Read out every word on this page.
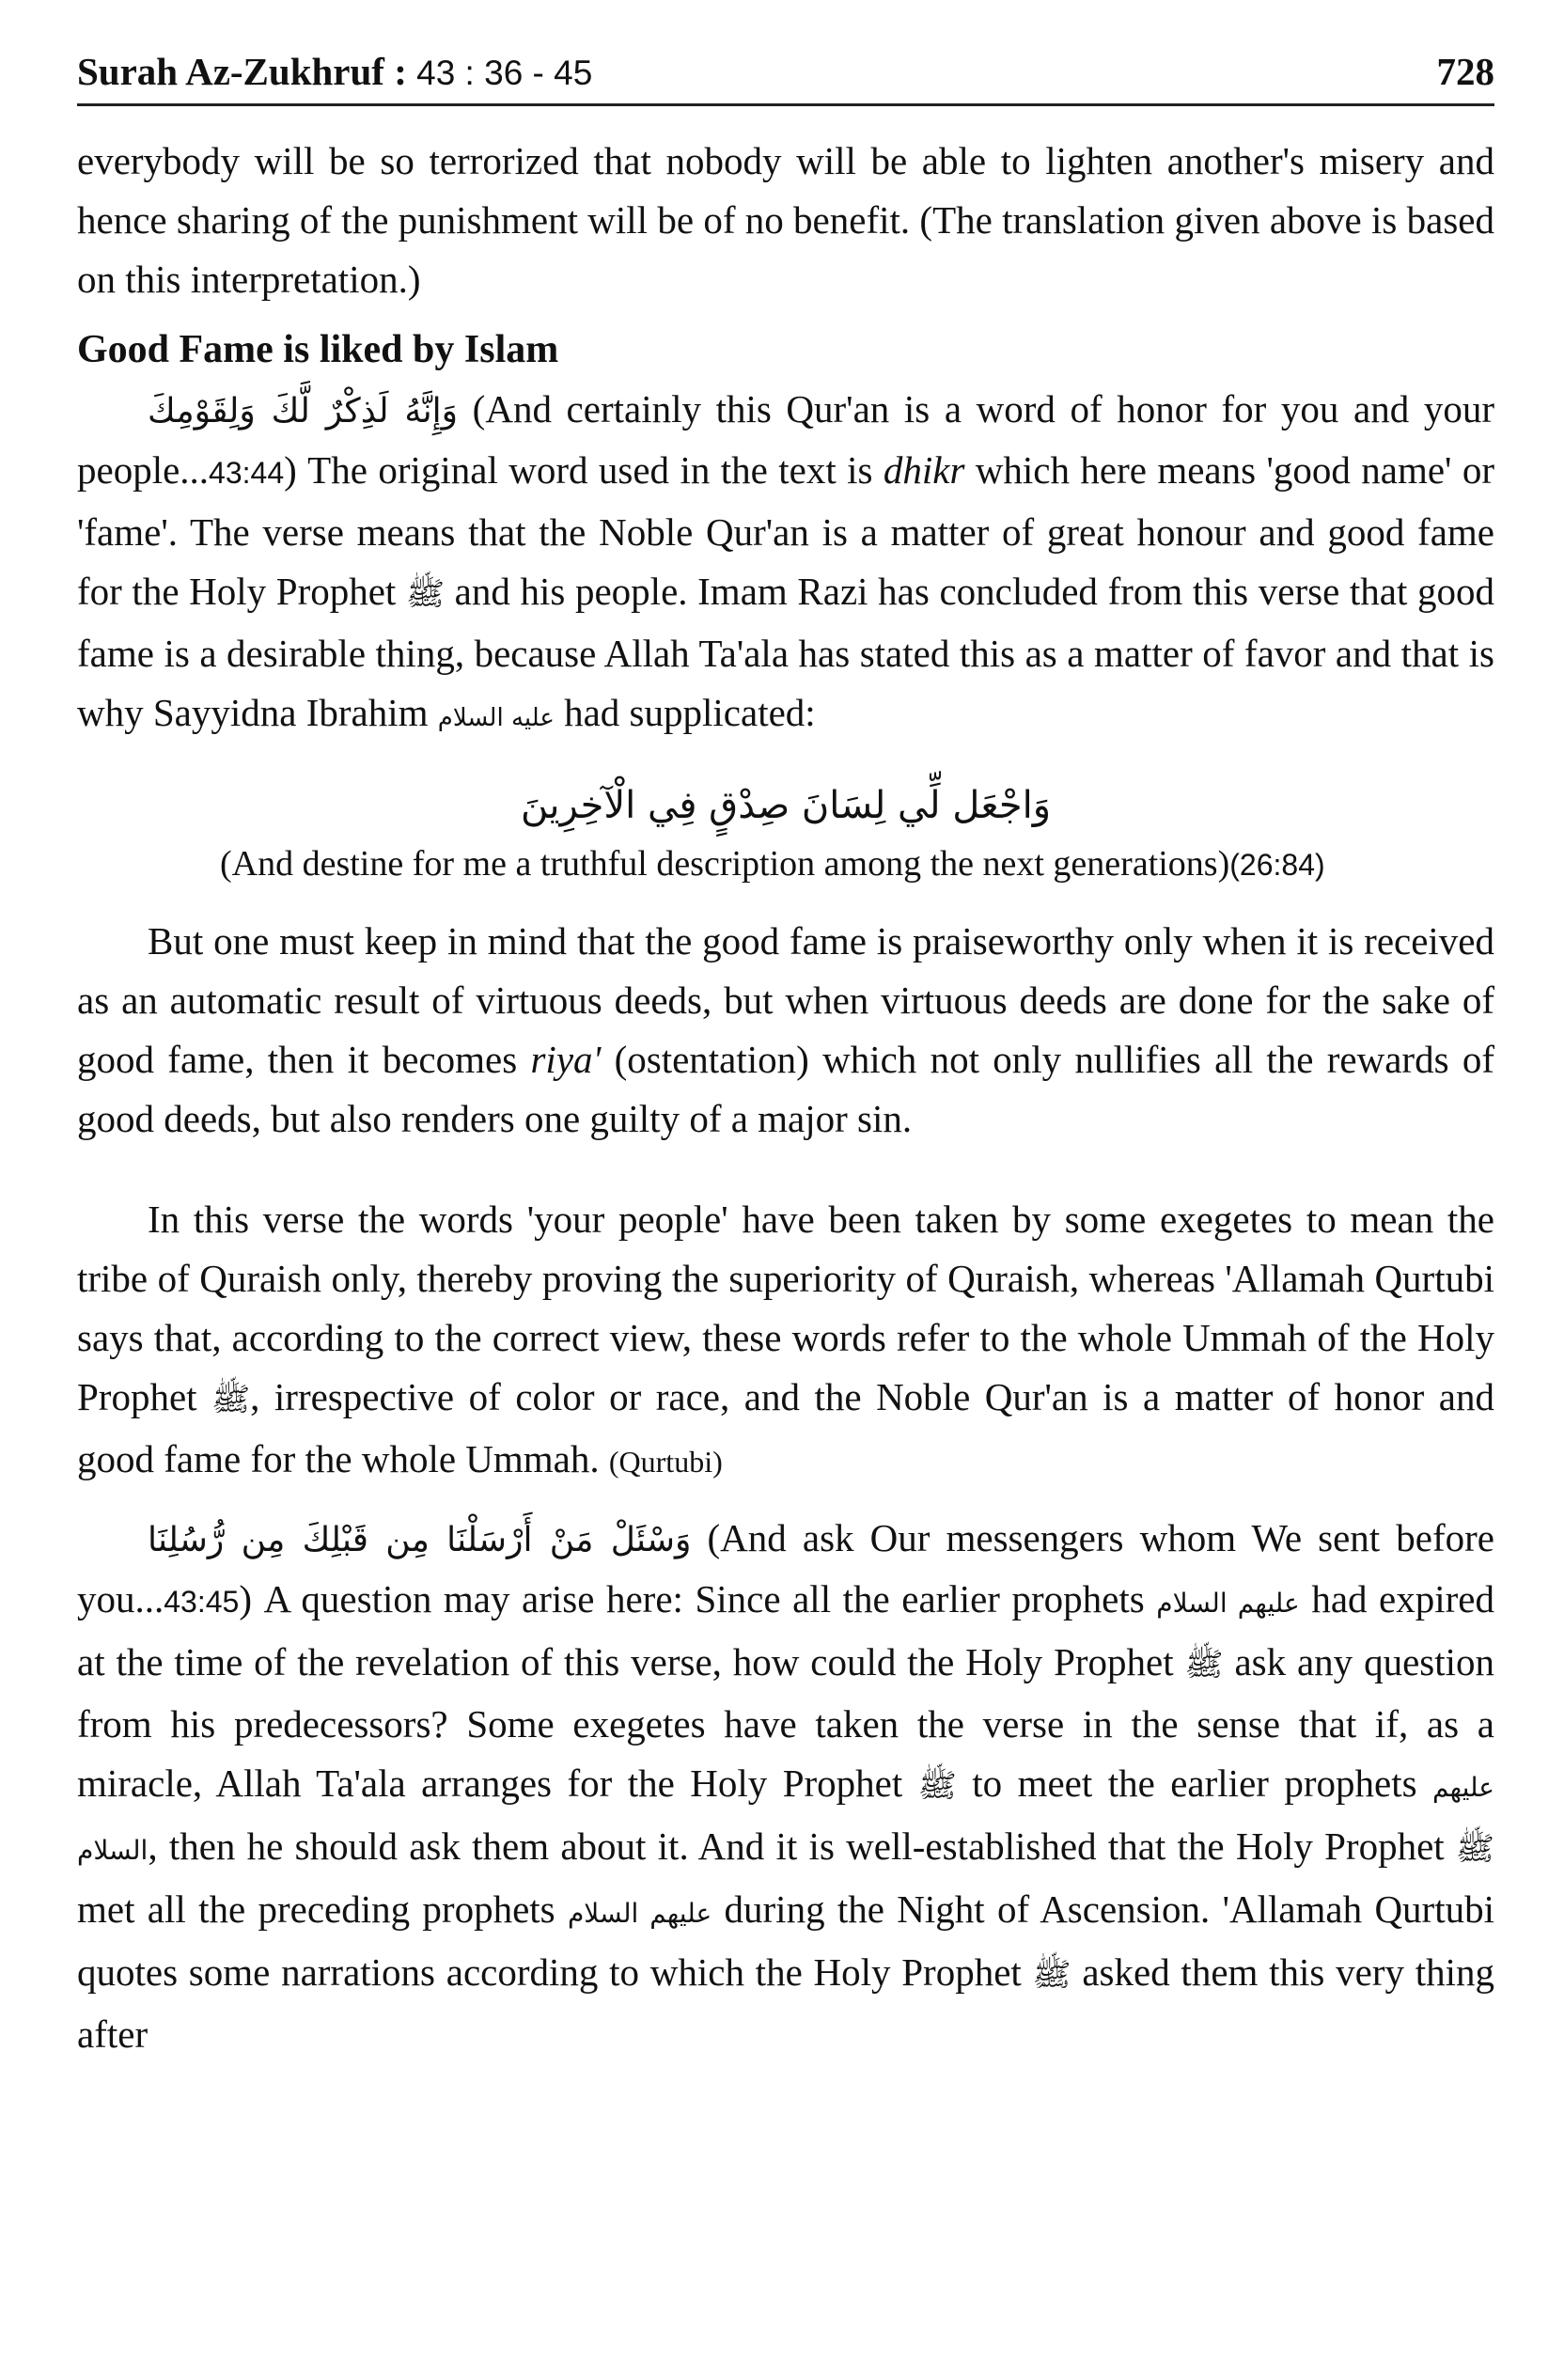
Surah Az-Zukhruf : 43 : 36 - 45	728

everybody will be so terrorized that nobody will be able to lighten another's misery and hence sharing of the punishment will be of no benefit. (The translation given above is based on this interpretation.)

Good Fame is liked by Islam

وَإِنَّهُ لَذِكْرٌ لَّكَ وَلِقَوْمِكَ (And certainly this Qur'an is a word of honor for you and your people...43:44) The original word used in the text is dhikr which here means 'good name' or 'fame'. The verse means that the Noble Qur'an is a matter of great honour and good fame for the Holy Prophet ﷺ and his people. Imam Razi has concluded from this verse that good fame is a desirable thing, because Allah Ta'ala has stated this as a matter of favor and that is why Sayyidna Ibrahim عليه السلام had supplicated:

وَاجْعَل لِّي لِسَانَ صِدْقٍ فِي الْآخِرِينَ
(And destine for me a truthful description among the next generations)(26:84)

But one must keep in mind that the good fame is praiseworthy only when it is received as an automatic result of virtuous deeds, but when virtuous deeds are done for the sake of good fame, then it becomes riya' (ostentation) which not only nullifies all the rewards of good deeds, but also renders one guilty of a major sin.

In this verse the words 'your people' have been taken by some exegetes to mean the tribe of Quraish only, thereby proving the superiority of Quraish, whereas 'Allamah Qurtubi says that, according to the correct view, these words refer to the whole Ummah of the Holy Prophet ﷺ, irrespective of color or race, and the Noble Qur'an is a matter of honor and good fame for the whole Ummah. (Qurtubi)

وَسْئَلْ مَنْ أَرْسَلْنَا مِن قَبْلِكَ مِن رُّسُلِنَا (And ask Our messengers whom We sent before you...43:45) A question may arise here: Since all the earlier prophets عليهم السلام had expired at the time of the revelation of this verse, how could the Holy Prophet ﷺ ask any question from his predecessors? Some exegetes have taken the verse in the sense that if, as a miracle, Allah Ta'ala arranges for the Holy Prophet ﷺ to meet the earlier prophets عليهم السلام, then he should ask them about it. And it is well-established that the Holy Prophet ﷺ met all the preceding prophets عليهم السلام during the Night of Ascension. 'Allamah Qurtubi quotes some narrations according to which the Holy Prophet ﷺ asked them this very thing after
